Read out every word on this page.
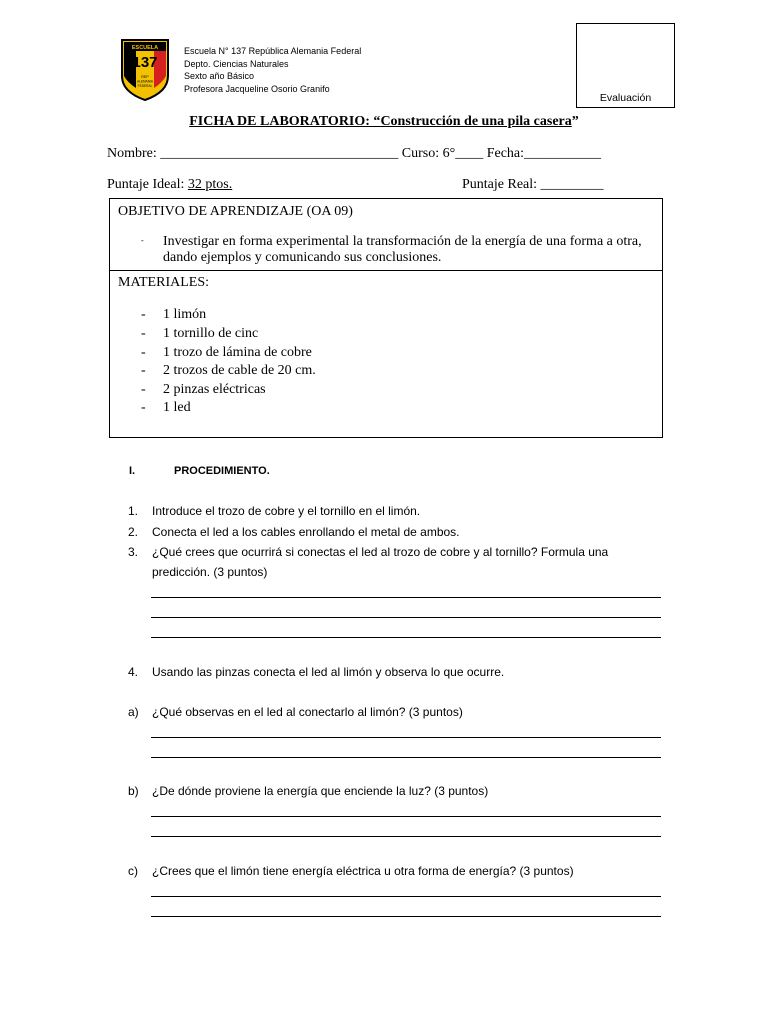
ESCUELA
137
REP
ALEMANIA
FEDERAL
Escuela N° 137 República Alemania Federal
Depto. Ciencias Naturales
Sexto año Básico
Profesora Jacqueline Osorio Granifo
Evaluación
FICHA DE LABORATORIO: “Construcción de una pila casera”
Nombre: __________________________________ Curso: 6°____ Fecha:___________
Puntaje Ideal: 32 ptos.	Puntaje Real: _________
OBJETIVO DE APRENDIZAJE (OA 09)
- Investigar en forma experimental la transformación de la energía de una forma a otra,
dando ejemplos y comunicando sus conclusiones.
MATERIALES:
- 1 limón
- 1 tornillo de cinc
- 1 trozo de lámina de cobre
- 2 trozos de cable de 20 cm.
- 2 pinzas eléctricas
- 1 led
I.	PROCEDIMIENTO.
1. Introduce el trozo de cobre y el tornillo en el limón.
2. Conecta el led a los cables enrollando el metal de ambos.
3. ¿Qué crees que ocurrirá si conectas el led al trozo de cobre y al tornillo? Formula una
predicción. (3 puntos)
4. Usando las pinzas conecta el led al limón y observa lo que ocurre.
a) ¿Qué observas en el led al conectarlo al limón? (3 puntos)
b) ¿De dónde proviene la energía que enciende la luz? (3 puntos)
c) ¿Crees que el limón tiene energía eléctrica u otra forma de energía? (3 puntos)
